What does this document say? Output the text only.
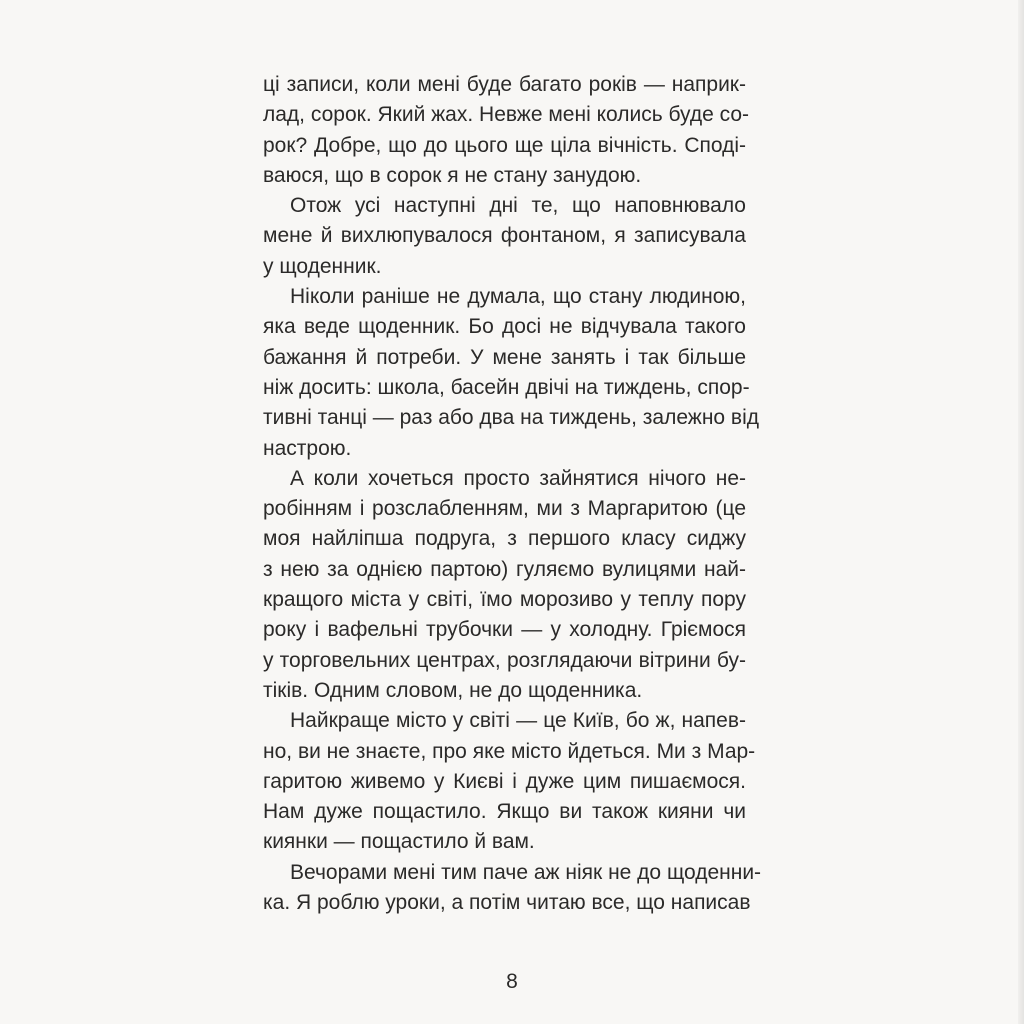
ці записи, коли мені буде багато років — наприк-
лад, сорок. Який жах. Невже мені колись буде со-
рок? Добре, що до цього ще ціла вічність. Сподi-
ваюся, що в сорок я не стану занудою.
Отож усі наступні дні те, що наповнювало
мене й вихлюпувалося фонтаном, я записувала
у щоденник.
Ніколи раніше не думала, що стану людиною,
яка веде щоденник. Бо досі не відчувала такого
бажання й потреби. У мене занять і так більше
ніж досить: школа, басейн двічі на тиждень, спор-
тивні танці — раз або два на тиждень, залежно від
настрою.
А коли хочеться просто зайнятися нічого не-
робінням і розслабленням, ми з Маргаритою (це
моя найліпша подруга, з першого класу сиджу
з нею за однією партою) гуляємо вулицями най-
кращого міста у світі, їмо морозиво у теплу пору
року і вафельні трубочки — у холодну. Гріємося
у торговельних центрах, розглядаючи вітрини бу-
тіків. Одним словом, не до щоденника.
Найкраще місто у світі — це Київ, бо ж, напев-
но, ви не знаєте, про яке місто йдеться. Ми з Мар-
гаритою живемо у Києві і дуже цим пишаємося.
Нам дуже пощастило. Якщо ви також кияни чи
киянки — пощастило й вам.
Вечорами мені тим паче аж ніяк не до щоденни-
ка. Я роблю уроки, а потім читаю все, що написав
8
